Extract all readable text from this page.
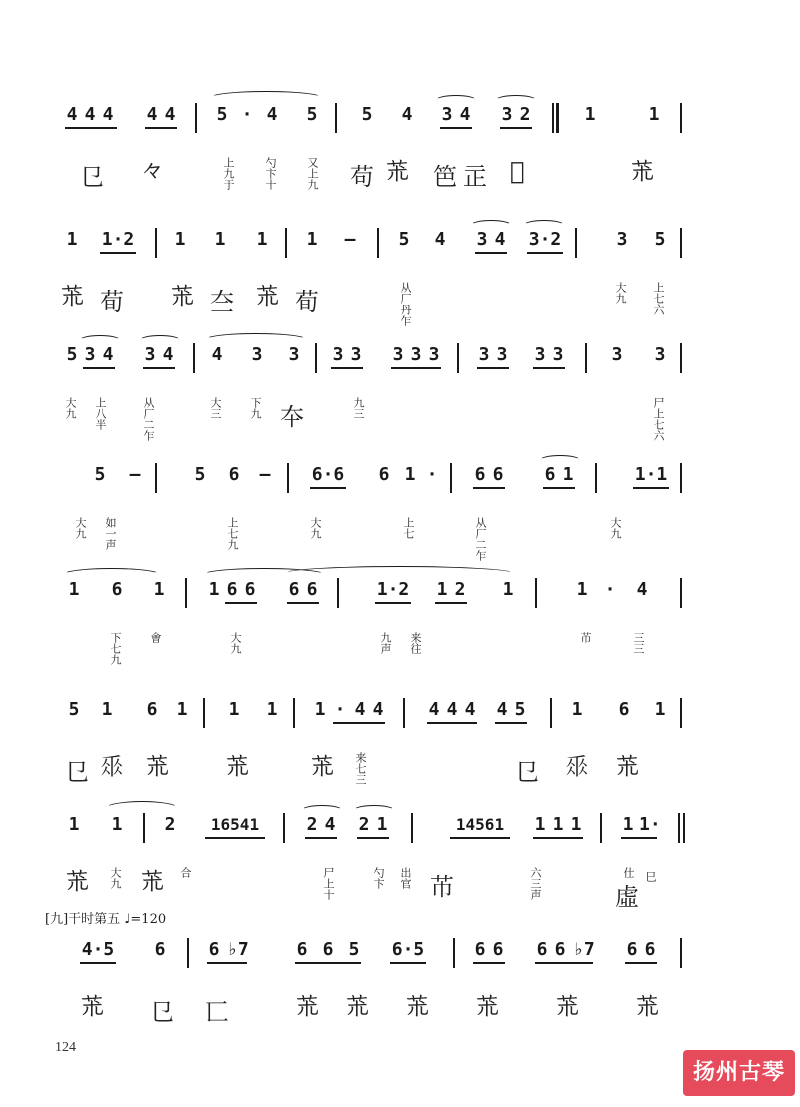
4 4 4 4 4 5 · 4 5 5 4 3 4 3 2	1	1
㔾 𠚤	上九于	勺卞十	又上九 苟 𦬸 笆 㱏 𦻏	𦬸
1 1·2 1 1 1 1 — 5 4 3 4 3·2	3 5
𦬸 荀 𦬸 夳 𦬸 荀	从厂丹乍	大九 上七六
5 3 4 3 4 4 3 3 3 3 3 3 3 3 3 3 3	3 3
大九 上八半	从厂二乍	大三 下九 夲	九三	尸上七六
5 —	5 6 — 6·6 6 1 · 6 6 6 1	1·1
大九 如一声	上七九	大九	上七	从厂二乍	大九
1 6 1 1 6 6 6 6	1·2 1 2 1	1 · 4
下七九 㑹	大九	九声 来往	芇	三三
5 1 6 1 1 1 1 · 4 4	4 4 4 4 5	1 6 1
㔾 𠂹 𦬸 𦬸	𦬸 来七三	㔾 𠂹 𦬸
1 1 2	16541	2 4 2 1	14561	1 1 1 1 1·
𦬸 大九 𦬸 合	尸上十	勺卞 出官 芇	六三声	仕
虛
巳
[九]干时第五 ♩=120
4·5 6 6 ♭7	6 6 5 6·5	6 6 6 6 ♭7 6 6
𦬸 㔾 匸	𦬸 𦬸 𦬸 𦬸 𦬸 𦬸
124
扬州古琴
